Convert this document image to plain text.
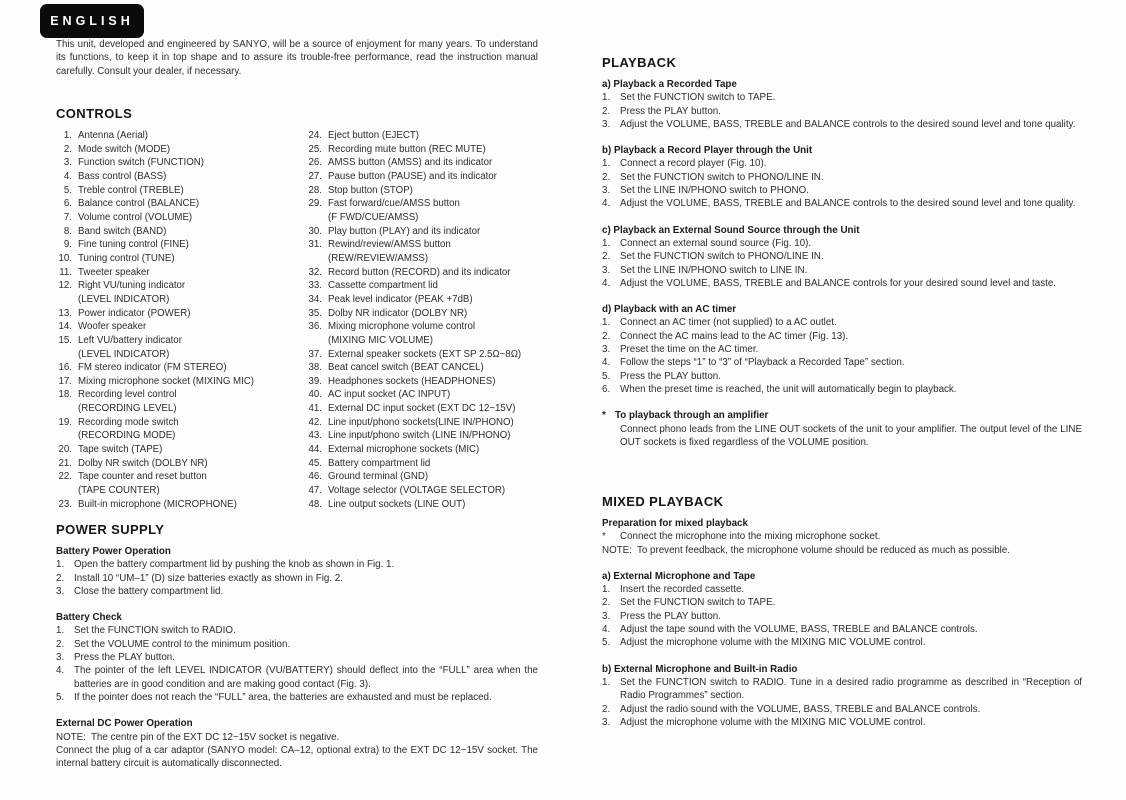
ENGLISH

This unit, developed and engineered by SANYO, will be a source of enjoyment for many years. To understand its functions, to keep it in top shape and to assure its trouble-free performance, read the instruction manual carefully. Consult your dealer, if necessary.

CONTROLS
1. Antenna (Aerial)
2. Mode switch (MODE)
3. Function switch (FUNCTION)
4. Bass control (BASS)
5. Treble control (TREBLE)
6. Balance control (BALANCE)
7. Volume control (VOLUME)
8. Band switch (BAND)
9. Fine tuning control (FINE)
10. Tuning control (TUNE)
11. Tweeter speaker
12. Right VU/tuning indicator
(LEVEL INDICATOR)
13. Power indicator (POWER)
14. Woofer speaker
15. Left VU/battery indicator
(LEVEL INDICATOR)
16. FM stereo indicator (FM STEREO)
17. Mixing microphone socket (MIXING MIC)
18. Recording level control
(RECORDING LEVEL)
19. Recording mode switch
(RECORDING MODE)
20. Tape switch (TAPE)
21. Dolby NR switch (DOLBY NR)
22. Tape counter and reset button
(TAPE COUNTER)
23. Built-in microphone (MICROPHONE)
24. Eject button (EJECT)
25. Recording mute button (REC MUTE)
26. AMSS button (AMSS) and its indicator
27. Pause button (PAUSE) and its indicator
28. Stop button (STOP)
29. Fast forward/cue/AMSS button
(F FWD/CUE/AMSS)
30. Play button (PLAY) and its indicator
31. Rewind/review/AMSS button
(REW/REVIEW/AMSS)
32. Record button (RECORD) and its indicator
33. Cassette compartment lid
34. Peak level indicator (PEAK +7dB)
35. Dolby NR indicator (DOLBY NR)
36. Mixing microphone volume control
(MIXING MIC VOLUME)
37. External speaker sockets (EXT SP 2.5Ω~8Ω)
38. Beat cancel switch (BEAT CANCEL)
39. Headphones sockets (HEADPHONES)
40. AC input socket (AC INPUT)
41. External DC input socket (EXT DC 12~15V)
42. Line input/phono sockets(LINE IN/PHONO)
43. Line input/phono switch (LINE IN/PHONO)
44. External microphone sockets (MIC)
45. Battery compartment lid
46. Ground terminal (GND)
47. Voltage selector (VOLTAGE SELECTOR)
48. Line output sockets (LINE OUT)
POWER SUPPLY
Battery Power Operation
1.	Open the battery compartment lid by pushing the knob as shown in Fig. 1.
2.	Install 10 “UM–1” (D) size batteries exactly as shown in Fig. 2.
3.	Close the battery compartment lid.
Battery Check
1.	Set the FUNCTION switch to RADIO.
2.	Set the VOLUME control to the minimum position.
3.	Press the PLAY button.
4.	The pointer of the left LEVEL INDICATOR (VU/BATTERY) should deflect into the “FULL” area when the batteries are in good condition and are making good contact (Fig. 3).
5.	If the pointer does not reach the “FULL” area, the batteries are exhausted and must be replaced.
External DC Power Operation
NOTE: The centre pin of the EXT DC 12~15V socket is negative.
Connect the plug of a car adaptor (SANYO model: CA–12, optional extra) to the EXT DC 12~15V socket. The internal battery circuit is automatically disconnected.
PLAYBACK
a) Playback a Recorded Tape
1.	Set the FUNCTION switch to TAPE.
2.	Press the PLAY button.
3.	Adjust the VOLUME, BASS, TREBLE and BALANCE controls to the desired sound level and tone quality.
b) Playback a Record Player through the Unit
1.	Connect a record player (Fig. 10).
2.	Set the FUNCTION switch to PHONO/LINE IN.
3.	Set the LINE IN/PHONO switch to PHONO.
4.	Adjust the VOLUME, BASS, TREBLE and BALANCE controls to the desired sound level and tone quality.
c) Playback an External Sound Source through the Unit
1.	Connect an external sound source (Fig. 10).
2.	Set the FUNCTION switch to PHONO/LINE IN.
3.	Set the LINE IN/PHONO switch to LINE IN.
4.	Adjust the VOLUME, BASS, TREBLE and BALANCE controls for your desired sound level and taste.
d) Playback with an AC timer
1.	Connect an AC timer (not supplied) to a AC outlet.
2.	Connect the AC mains lead to the AC timer (Fig. 13).
3.	Preset the time on the AC timer.
4.	Follow the steps “1” to “3” of “Playback a Recorded Tape” section.
5.	Press the PLAY button.
6.	When the preset time is reached, the unit will automatically begin to playback.
* To playback through an amplifier
Connect phono leads from the LINE OUT sockets of the unit to your amplifier. The output level of the LINE OUT sockets is fixed regardless of the VOLUME position.
MIXED PLAYBACK
Preparation for mixed playback
*	Connect the microphone into the mixing microphone socket.
NOTE: To prevent feedback, the microphone volume should be reduced as much as possible.
a) External Microphone and Tape
1.	Insert the recorded cassette.
2.	Set the FUNCTION switch to TAPE.
3.	Press the PLAY button.
4.	Adjust the tape sound with the VOLUME, BASS, TREBLE and BALANCE controls.
5.	Adjust the microphone volume with the MIXING MIC VOLUME control.
b) External Microphone and Built-in Radio
1.	Set the FUNCTION switch to RADIO. Tune in a desired radio programme as described in “Reception of Radio Programmes” section.
2.	Adjust the radio sound with the VOLUME, BASS, TREBLE and BALANCE controls.
3.	Adjust the microphone volume with the MIXING MIC VOLUME control.
